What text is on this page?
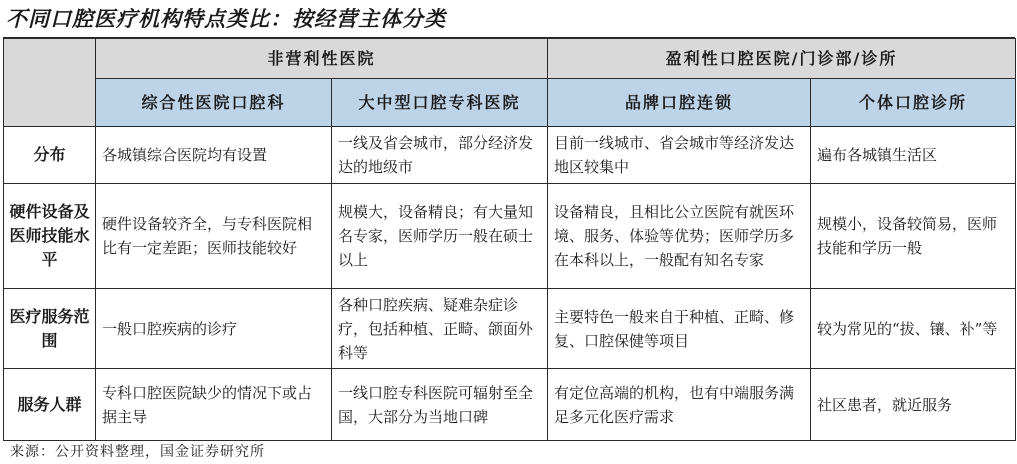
不同口腔医疗机构特点类比：按经营主体分类
	非营利性医院		盈利性口腔医院/门诊部/诊所	
	综合性医院口腔科	大中型口腔专科医院	品牌口腔连锁	个体口腔诊所
分布	各城镇综合医院均有设置	一线及省会城市，部分经济发达的地级市	目前一线城市、省会城市等经济发达地区较集中	遍布各城镇生活区
硬件设备及医师技能水平	硬件设备较齐全，与专科医院相比有一定差距；医师技能较好	规模大，设备精良；有大量知名专家，医师学历一般在硕士以上	设备精良，且相比公立医院有就医环境、服务、体验等优势；医师学历多在本科以上，一般配有知名专家	规模小，设备较简易，医师技能和学历一般
医疗服务范围	一般口腔疾病的诊疗	各种口腔疾病、疑难杂症诊疗，包括种植、正畸、颌面外科等	主要特色一般来自于种植、正畸、修复、口腔保健等项目	较为常见的“拔、镶、补”等
服务人群	专科口腔医院缺少的情况下或占据主导	一线口腔专科医院可辐射至全国，大部分为当地口碑	有定位高端的机构，也有中端服务满足多元化医疗需求	社区患者，就近服务
来源：公开资料整理，国金证券研究所
